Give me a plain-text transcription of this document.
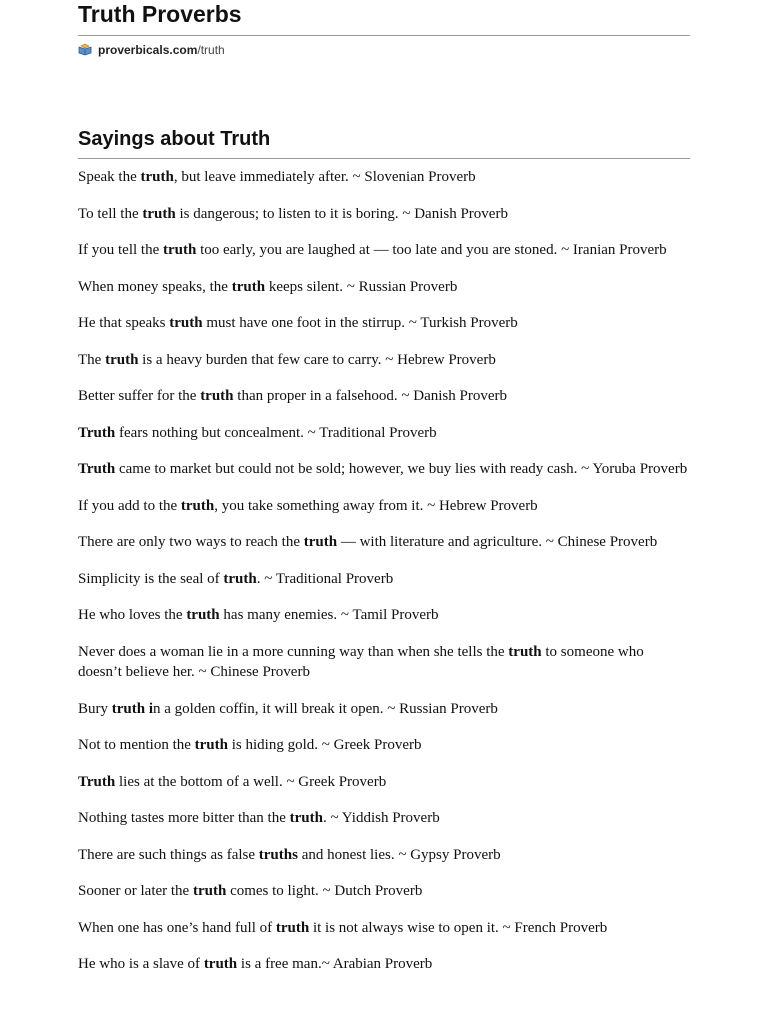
Truth Proverbs
proverbicals.com /truth
Sayings about Truth
Speak the truth, but leave immediately after. ~ Slovenian Proverb
To tell the truth is dangerous; to listen to it is boring. ~ Danish Proverb
If you tell the truth too early, you are laughed at — too late and you are stoned. ~ Iranian Proverb
When money speaks, the truth keeps silent. ~ Russian Proverb
He that speaks truth must have one foot in the stirrup. ~ Turkish Proverb
The truth is a heavy burden that few care to carry. ~ Hebrew Proverb
Better suffer for the truth than proper in a falsehood. ~ Danish Proverb
Truth fears nothing but concealment. ~ Traditional Proverb
Truth came to market but could not be sold; however, we buy lies with ready cash. ~ Yoruba Proverb
If you add to the truth, you take something away from it. ~ Hebrew Proverb
There are only two ways to reach the truth — with literature and agriculture. ~ Chinese Proverb
Simplicity is the seal of truth. ~ Traditional Proverb
He who loves the truth has many enemies. ~ Tamil Proverb
Never does a woman lie in a more cunning way than when she tells the truth to someone who doesn’t believe her. ~ Chinese Proverb
Bury truth in a golden coffin, it will break it open. ~ Russian Proverb
Not to mention the truth is hiding gold. ~ Greek Proverb
Truth lies at the bottom of a well. ~ Greek Proverb
Nothing tastes more bitter than the truth. ~ Yiddish Proverb
There are such things as false truths and honest lies. ~ Gypsy Proverb
Sooner or later the truth comes to light. ~ Dutch Proverb
When one has one’s hand full of truth it is not always wise to open it. ~ French Proverb
He who is a slave of truth is a free man.~ Arabian Proverb
